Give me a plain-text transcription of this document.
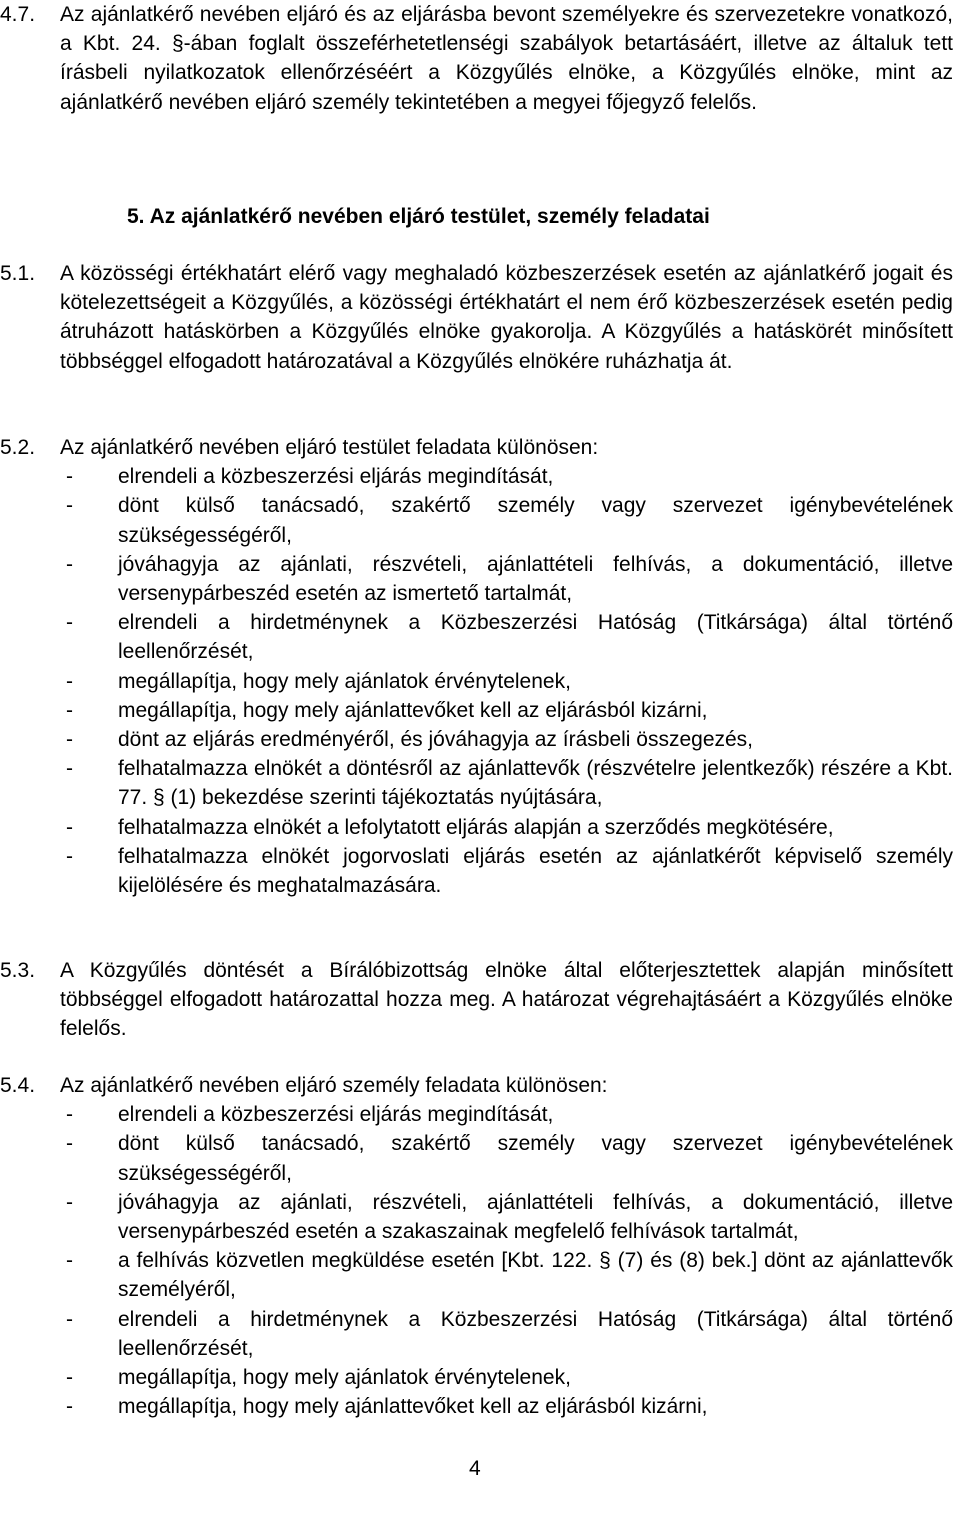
4.7. Az ajánlatkérő nevében eljáró és az eljárásba bevont személyekre és szervezetekre vonatkozó, a Kbt. 24. §-ában foglalt összeférhetetlenségi szabályok betartásáért, illetve az általuk tett írásbeli nyilatkozatok ellenőrzéséért a Közgyűlés elnöke, a Közgyűlés elnöke, mint az ajánlatkérő nevében eljáró személy tekintetében a megyei főjegyző felelős.
5. Az ajánlatkérő nevében eljáró testület, személy feladatai
5.1. A közösségi értékhatárt elérő vagy meghaladó közbeszerzések esetén az ajánlatkérő jogait és kötelezettségeit a Közgyűlés, a közösségi értékhatárt el nem érő közbeszerzések esetén pedig átruházott hatáskörben a Közgyűlés elnöke gyakorolja. A Közgyűlés a hatáskörét minősített többséggel elfogadott határozatával a Közgyűlés elnökére ruházhatja át.
5.2. Az ajánlatkérő nevében eljáró testület feladata különösen:
- elrendeli a közbeszerzési eljárás megindítását,
- dönt külső tanácsadó, szakértő személy vagy szervezet igénybevételének szükségességéről,
- jóváhagyja az ajánlati, részvételi, ajánlattételi felhívás, a dokumentáció, illetve versenypárbeszéd esetén az ismertető tartalmát,
- elrendeli a hirdetménynek a Közbeszerzési Hatóság (Titkársága) által történő leellenőrzését,
- megállapítja, hogy mely ajánlatok érvénytelenek,
- megállapítja, hogy mely ajánlattevőket kell az eljárásból kizárni,
- dönt az eljárás eredményéről, és jóváhagyja az írásbeli összegezés,
- felhatalmazza elnökét a döntésről az ajánlattevők (részvételre jelentkezők) részére a Kbt. 77. § (1) bekezdése szerinti tájékoztatás nyújtására,
- felhatalmazza elnökét a lefolytatott eljárás alapján a szerződés megkötésére,
- felhatalmazza elnökét jogorvoslati eljárás esetén az ajánlatkérőt képviselő személy kijelölésére és meghatalmazására.
5.3. A Közgyűlés döntését a Bírálóbizottság elnöke által előterjesztettek alapján minősített többséggel elfogadott határozattal hozza meg. A határozat végrehajtásáért a Közgyűlés elnöke felelős.
5.4. Az ajánlatkérő nevében eljáró személy feladata különösen:
- elrendeli a közbeszerzési eljárás megindítását,
- dönt külső tanácsadó, szakértő személy vagy szervezet igénybevételének szükségességéről,
- jóváhagyja az ajánlati, részvételi, ajánlattételi felhívás, a dokumentáció, illetve versenypárbeszéd esetén a szakaszainak megfelelő felhívások tartalmát,
- a felhívás közvetlen megküldése esetén [Kbt. 122. § (7) és (8) bek.] dönt az ajánlattevők személyéről,
- elrendeli a hirdetménynek a Közbeszerzési Hatóság (Titkársága) által történő leellenőrzését,
- megállapítja, hogy mely ajánlatok érvénytelenek,
- megállapítja, hogy mely ajánlattevőket kell az eljárásból kizárni,
4
